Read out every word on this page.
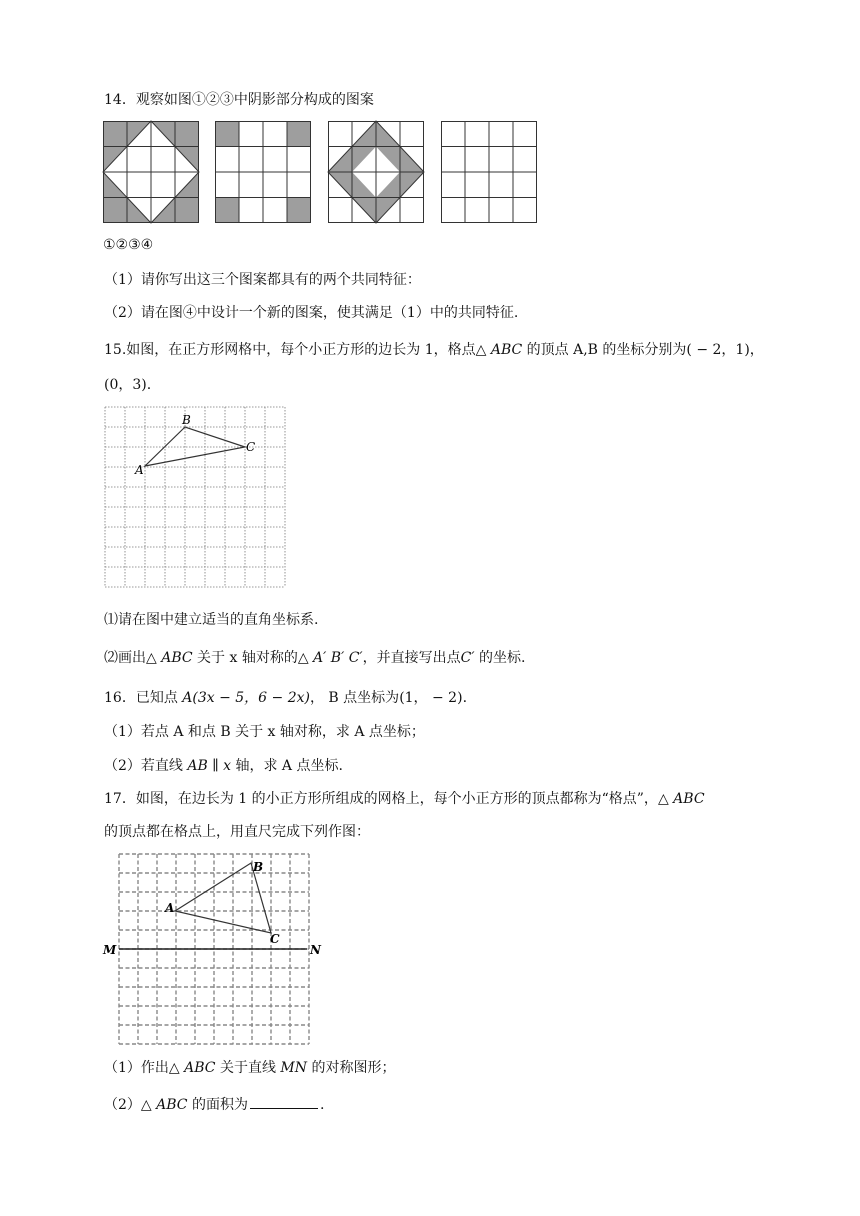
14．观察如图①②③中阴影部分构成的图案
①②③④
（1）请你写出这三个图案都具有的两个共同特征：
（2）请在图④中设计一个新的图案，使其满足（1）中的共同特征.
15.如图，在正方形网格中，每个小正方形的边长为 1，格点△ ABC 的顶点 A,B 的坐标分别为( − 2，1)，
(0，3).
A
B
C
⑴请在图中建立适当的直角坐标系.
⑵画出△ ABC 关于 x 轴对称的△ A′ B′ C′，并直接写出点C′ 的坐标.
16．已知点 A(3x − 5，6 − 2x)， B 点坐标为(1， − 2).
（1）若点 A 和点 B 关于 x 轴对称，求 A 点坐标；
（2）若直线 AB ∥ x 轴，求 A 点坐标.
17．如图，在边长为 1 的小正方形所组成的网格上，每个小正方形的顶点都称为“格点”，△ ABC
的顶点都在格点上，用直尺完成下列作图：
A
B
C
M	N
（1）作出△ ABC 关于直线 MN 的对称图形；
（2）△ ABC 的面积为	.
